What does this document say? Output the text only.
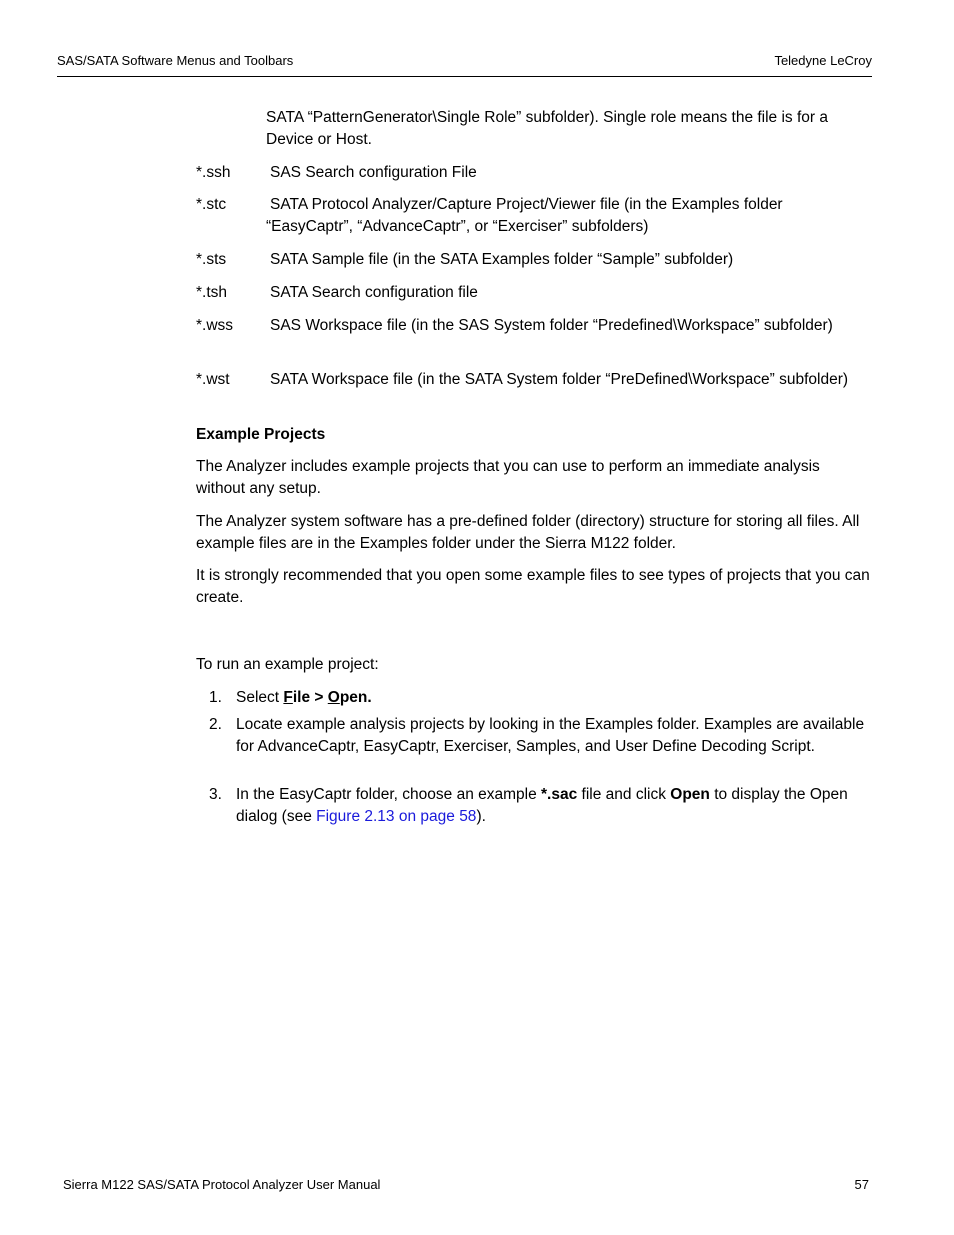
SAS/SATA Software Menus and Toolbars	Teledyne LeCroy

SATA “PatternGenerator\Single Role” subfolder). Single role means the file is for a Device or Host.

*.ssh	SAS Search configuration File
*.stc	SATA Protocol Analyzer/Capture Project/Viewer file (in the Examples folder “EasyCaptr”, “AdvanceCaptr”, or “Exerciser” subfolders)
*.sts	SATA Sample file (in the SATA Examples folder “Sample” subfolder)
*.tsh	SATA Search configuration file
*.wss SAS Workspace file (in the SAS System folder “Predefined\Workspace” subfolder)
*.wst	SATA Workspace file (in the SATA System folder “PreDefined\Workspace” subfolder)
Example Projects

The Analyzer includes example projects that you can use to perform an immediate analysis without any setup.

The Analyzer system software has a pre-defined folder (directory) structure for storing all files. All example files are in the Examples folder under the Sierra M122 folder.

It is strongly recommended that you open some example files to see types of projects that you can create.

To run an example project:

1. Select File > Open.
2. Locate example analysis projects by looking in the Examples folder. Examples are available for AdvanceCaptr, EasyCaptr, Exerciser, Samples, and User Define Decoding Script.
3. In the EasyCaptr folder, choose an example *.sac file and click Open to display the Open dialog (see Figure 2.13 on page 58).
Sierra M122 SAS/SATA Protocol Analyzer User Manual	57
